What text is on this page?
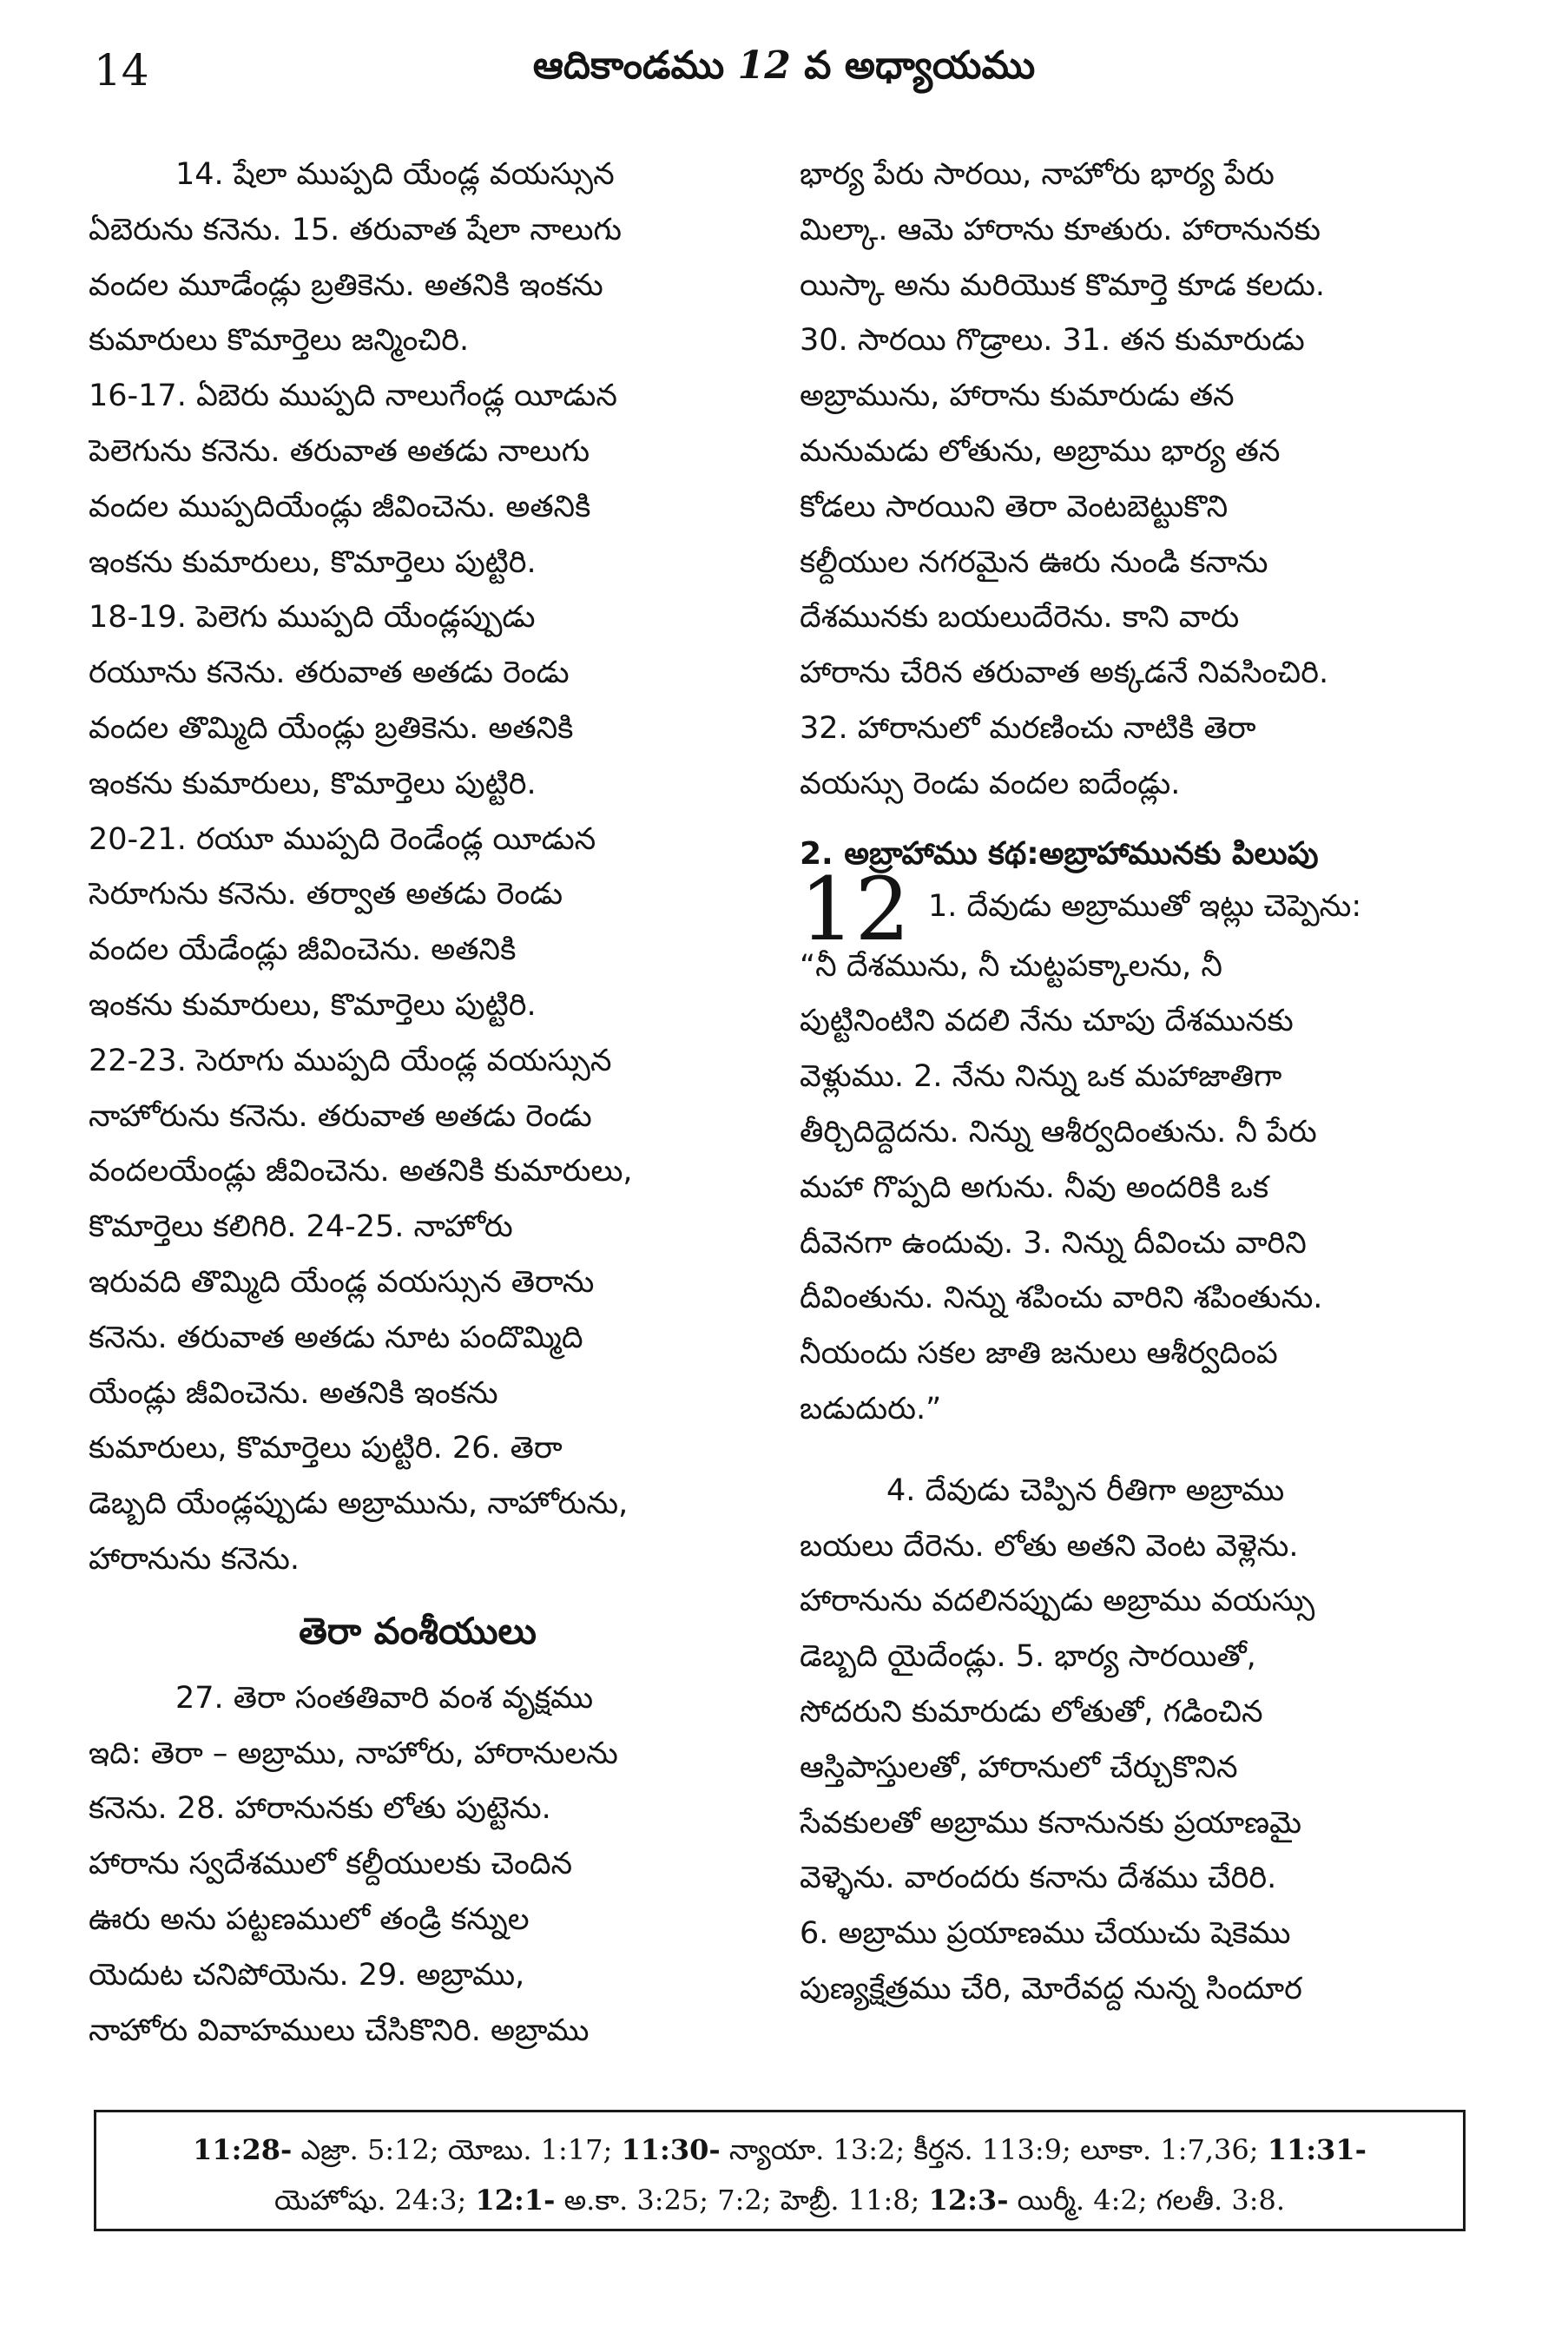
14	ఆదికాండము 12 వ అధ్యాయము
14. షేలా ముప్పది యేండ్ల వయస్సున
ఏబెరును కనెను. 15. తరువాత షేలా నాలుగు
వందల మూడేండ్లు బ్రతికెను. అతనికి ఇంకను
కుమారులు కొమార్తెలు జన్మించిరి.
16-17. ఏబెరు ముప్పది నాలుగేండ్ల యీడున
పెలెగును కనెను. తరువాత అతడు నాలుగు
వందల ముప్పదియేండ్లు జీవించెను. అతనికి
ఇంకను కుమారులు, కొమార్తెలు పుట్టిరి.
18-19. పెలెగు ముప్పది యేండ్లప్పుడు
రయూను కనెను. తరువాత అతడు రెండు
వందల తొమ్మిది యేండ్లు బ్రతికెను. అతనికి
ఇంకను కుమారులు, కొమార్తెలు పుట్టిరి.
20-21. రయూ ముప్పది రెండేండ్ల యీడున
సెరూగును కనెను. తర్వాత అతడు రెండు
వందల యేడేండ్లు జీవించెను. అతనికి
ఇంకను కుమారులు, కొమార్తెలు పుట్టిరి.
22-23. సెరూగు ముప్పది యేండ్ల వయస్సున
నాహోరును కనెను. తరువాత అతడు రెండు
వందలయేండ్లు జీవించెను. అతనికి కుమారులు,
కొమార్తెలు కలిగిరి. 24-25. నాహోరు
ఇరువది తొమ్మిది యేండ్ల వయస్సున తెరాను
కనెను. తరువాత అతడు నూట పందొమ్మిది
యేండ్లు జీవించెను. అతనికి ఇంకను
కుమారులు, కొమార్తెలు పుట్టిరి. 26. తెరా
డెబ్బది యేండ్లప్పుడు అబ్రామును, నాహోరును,
హారానును కనెను.
తెరా వంశీయులు
27. తెరా సంతతివారి వంశ వృక్షము
ఇది: తెరా – అబ్రాము, నాహోరు, హారానులను
కనెను. 28. హారానునకు లోతు పుట్టెను.
హారాను స్వదేశములో కల్దీయులకు చెందిన
ఊరు అను పట్టణములో తండ్రి కన్నుల
యెదుట చనిపోయెను. 29. అబ్రాము,
నాహోరు వివాహములు చేసికొనిరి. అబ్రాము
భార్య పేరు సారయి, నాహోరు భార్య పేరు
మిల్కా. ఆమె హారాను కూతురు. హారానునకు
యిస్కా అను మరియొక కొమార్తె కూడ కలదు.
30. సారయి గొడ్రాలు. 31. తన కుమారుడు
అబ్రామును, హారాను కుమారుడు తన
మనుమడు లోతును, అబ్రాము భార్య తన
కోడలు సారయిని తెరా వెంటబెట్టుకొని
కల్దీయుల నగరమైన ఊరు నుండి కనాను
దేశమునకు బయలుదేరెను. కాని వారు
హారాను చేరిన తరువాత అక్కడనే నివసించిరి.
32. హారానులో మరణించు నాటికి తెరా
వయస్సు రెండు వందల ఐదేండ్లు.
2. అబ్రాహాము కథ:అబ్రాహామునకు పిలుపు
12 1. దేవుడు అబ్రాముతో ఇట్లు చెప్పెను:
“నీ దేశమును, నీ చుట్టపక్కాలను, నీ
పుట్టినింటిని వదలి నేను చూపు దేశమునకు
వెళ్లుము. 2. నేను నిన్ను ఒక మహాజాతిగా
తీర్చిదిద్దెదను. నిన్ను ఆశీర్వదింతును. నీ పేరు
మహా గొప్పది అగును. నీవు అందరికి ఒక
దీవెనగా ఉందువు. 3. నిన్ను దీవించు వారిని
దీవింతును. నిన్ను శపించు వారిని శపింతును.
నీయందు సకల జాతి జనులు ఆశీర్వదింప
బడుదురు.”
4. దేవుడు చెప్పిన రీతిగా అబ్రాము
బయలు దేరెను. లోతు అతని వెంట వెళ్లెను.
హారానును వదలినప్పుడు అబ్రాము వయస్సు
డెబ్బది యైదేండ్లు. 5. భార్య సారయితో,
సోదరుని కుమారుడు లోతుతో, గడించిన
ఆస్తిపాస్తులతో, హారానులో చేర్చుకొనిన
సేవకులతో అబ్రాము కనానునకు ప్రయాణమై
వెళ్ళెను. వారందరు కనాను దేశము చేరిరి.
6. అబ్రాము ప్రయాణము చేయుచు షెకెము
పుణ్యక్షేత్రము చేరి, మోరేవద్ద నున్న సిందూర
11:28- ఎజ్రా. 5:12; యోబు. 1:17; 11:30- న్యాయా. 13:2; కీర్తన. 113:9; లూకా. 1:7,36; 11:31-
యెహోషు. 24:3; 12:1- అ.కా. 3:25; 7:2; హెబ్రీ. 11:8; 12:3- యిర్మీ. 4:2; గలతీ. 3:8.
